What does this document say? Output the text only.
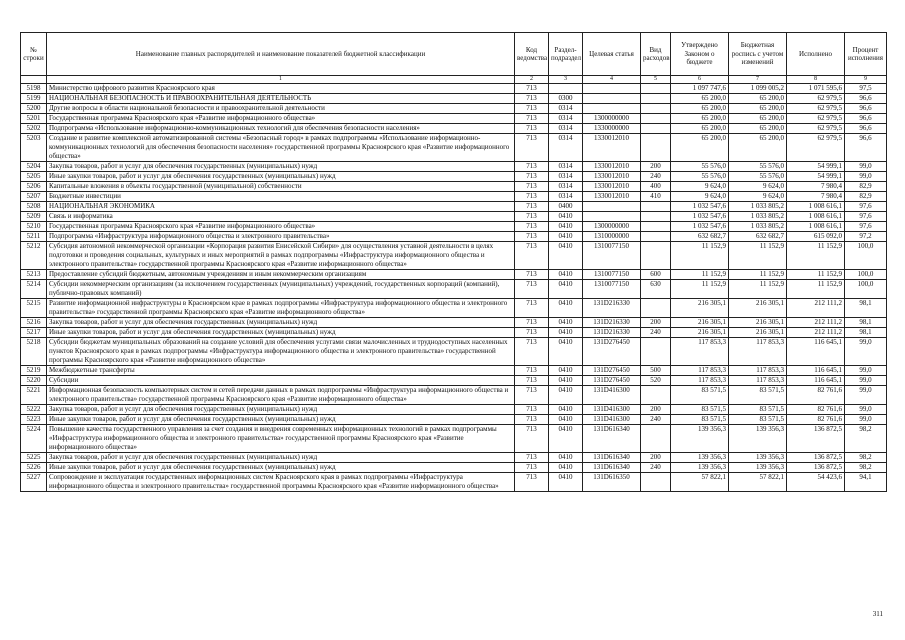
№ строки	Наименование главных распорядителей и наименование показателей бюджетной классификации	Код ведомства	Раздел-подраздел	Целевая статья	Вид расходов	Утверждено Законом о бюджете	Бюджетная роспись с учетом изменений	Исполнено	Процент исполнения
	1	2	3	4	5	6	7	8	9
5198	Министерство цифрового развития Красноярского края	713				1 097 747,6	1 099 005,2	1 071 595,6	97,5
5199	НАЦИОНАЛЬНАЯ БЕЗОПАСНОСТЬ И ПРАВООХРАНИТЕЛЬНАЯ ДЕЯТЕЛЬНОСТЬ	713	0300			65 200,0	65 200,0	62 979,5	96,6
5200	Другие вопросы в области национальной безопасности и правоохранительной деятельности	713	0314			65 200,0	65 200,0	62 979,5	96,6
5201	Государственная программа Красноярского края «Развитие информационного общества»	713	0314	1300000000		65 200,0	65 200,0	62 979,5	96,6
5202	Подпрограмма «Использование информационно-коммуникационных технологий для обеспечения безопасности населения»	713	0314	1330000000		65 200,0	65 200,0	62 979,5	96,6
5203	Создание и развитие комплексной автоматизированной системы «Безопасный город» в рамках подпрограммы «Использование информационно-коммуникационных технологий для обеспечения безопасности населения» государственной программы Красноярского края «Развитие информационного общества»	713	0314	1330012010		65 200,0	65 200,0	62 979,5	96,6
5204	Закупка товаров, работ и услуг для обеспечения государственных (муниципальных) нужд	713	0314	1330012010	200	55 576,0	55 576,0	54 999,1	99,0
5205	Иные закупки товаров, работ и услуг для обеспечения государственных (муниципальных) нужд	713	0314	1330012010	240	55 576,0	55 576,0	54 999,1	99,0
5206	Капитальные вложения в объекты государственной (муниципальной) собственности	713	0314	1330012010	400	9 624,0	9 624,0	7 980,4	82,9
5207	Бюджетные инвестиции	713	0314	1330012010	410	9 624,0	9 624,0	7 980,4	82,9
5208	НАЦИОНАЛЬНАЯ ЭКОНОМИКА	713	0400			1 032 547,6	1 033 805,2	1 008 616,1	97,6
5209	Связь и информатика	713	0410			1 032 547,6	1 033 805,2	1 008 616,1	97,6
5210	Государственная программа Красноярского края «Развитие информационного общества»	713	0410	1300000000		1 032 547,6	1 033 805,2	1 008 616,1	97,6
5211	Подпрограмма «Инфраструктура информационного общества и электронного правительства»	713	0410	1310000000		632 682,7	632 682,7	615 092,0	97,2
5212	Субсидия автономной некоммерческой организации «Корпорация развития Енисейской Сибири» для осуществления уставной деятельности в целях подготовки и проведения социальных, культурных и иных мероприятий в рамках подпрограммы «Инфраструктура информационного общества и электронного правительства» государственной программы Красноярского края «Развитие информационного общества»	713	0410	1310077150		11 152,9	11 152,9	11 152,9	100,0
5213	Предоставление субсидий бюджетным, автономным учреждениям и иным некоммерческим организациям	713	0410	1310077150	600	11 152,9	11 152,9	11 152,9	100,0
5214	Субсидии некоммерческим организациям (за исключением государственных (муниципальных) учреждений, государственных корпораций (компаний), публично-правовых компаний)	713	0410	1310077150	630	11 152,9	11 152,9	11 152,9	100,0
5215	Развитие информационной инфраструктуры в Красноярском крае в рамках подпрограммы «Инфраструктура информационного общества и электронного правительства» государственной программы Красноярского края «Развитие информационного общества»	713	0410	131D216330		216 305,1	216 305,1	212 111,2	98,1
5216	Закупка товаров, работ и услуг для обеспечения государственных (муниципальных) нужд	713	0410	131D216330	200	216 305,1	216 305,1	212 111,2	98,1
5217	Иные закупки товаров, работ и услуг для обеспечения государственных (муниципальных) нужд	713	0410	131D216330	240	216 305,1	216 305,1	212 111,2	98,1
5218	Субсидии бюджетам муниципальных образований на создание условий для обеспечения услугами связи малочисленных и труднодоступных населенных пунктов Красноярского края в рамках подпрограммы «Инфраструктура информационного общества и электронного правительства» государственной программы Красноярского края «Развитие информационного общества»	713	0410	131D276450		117 853,3	117 853,3	116 645,1	99,0
5219	Межбюджетные трансферты	713	0410	131D276450	500	117 853,3	117 853,3	116 645,1	99,0
5220	Субсидии	713	0410	131D276450	520	117 853,3	117 853,3	116 645,1	99,0
5221	Информационная безопасность компьютерных систем и сетей передачи данных в рамках подпрограммы «Инфраструктура информационного общества и электронного правительства» государственной программы Красноярского края «Развитие информационного общества»	713	0410	131D416300		83 571,5	83 571,5	82 761,6	99,0
5222	Закупка товаров, работ и услуг для обеспечения государственных (муниципальных) нужд	713	0410	131D416300	200	83 571,5	83 571,5	82 761,6	99,0
5223	Иные закупки товаров, работ и услуг для обеспечения государственных (муниципальных) нужд	713	0410	131D416300	240	83 571,5	83 571,5	82 761,6	99,0
5224	Повышение качества государственного управления за счет создания и внедрения современных информационных технологий в рамках подпрограммы «Инфраструктура информационного общества и электронного правительства» государственной программы Красноярского края «Развитие информационного общества»	713	0410	131D616340		139 356,3	139 356,3	136 872,5	98,2
5225	Закупка товаров, работ и услуг для обеспечения государственных (муниципальных) нужд	713	0410	131D616340	200	139 356,3	139 356,3	136 872,5	98,2
5226	Иные закупки товаров, работ и услуг для обеспечения государственных (муниципальных) нужд	713	0410	131D616340	240	139 356,3	139 356,3	136 872,5	98,2
5227	Сопровождение и эксплуатация государственных информационных систем Красноярского края в рамках подпрограммы «Инфраструктура информационного общества и электронного правительства» государственной программы Красноярского края «Развитие информационного общества»	713	0410	131D616350		57 822,1	57 822,1	54 423,6	94,1
311
